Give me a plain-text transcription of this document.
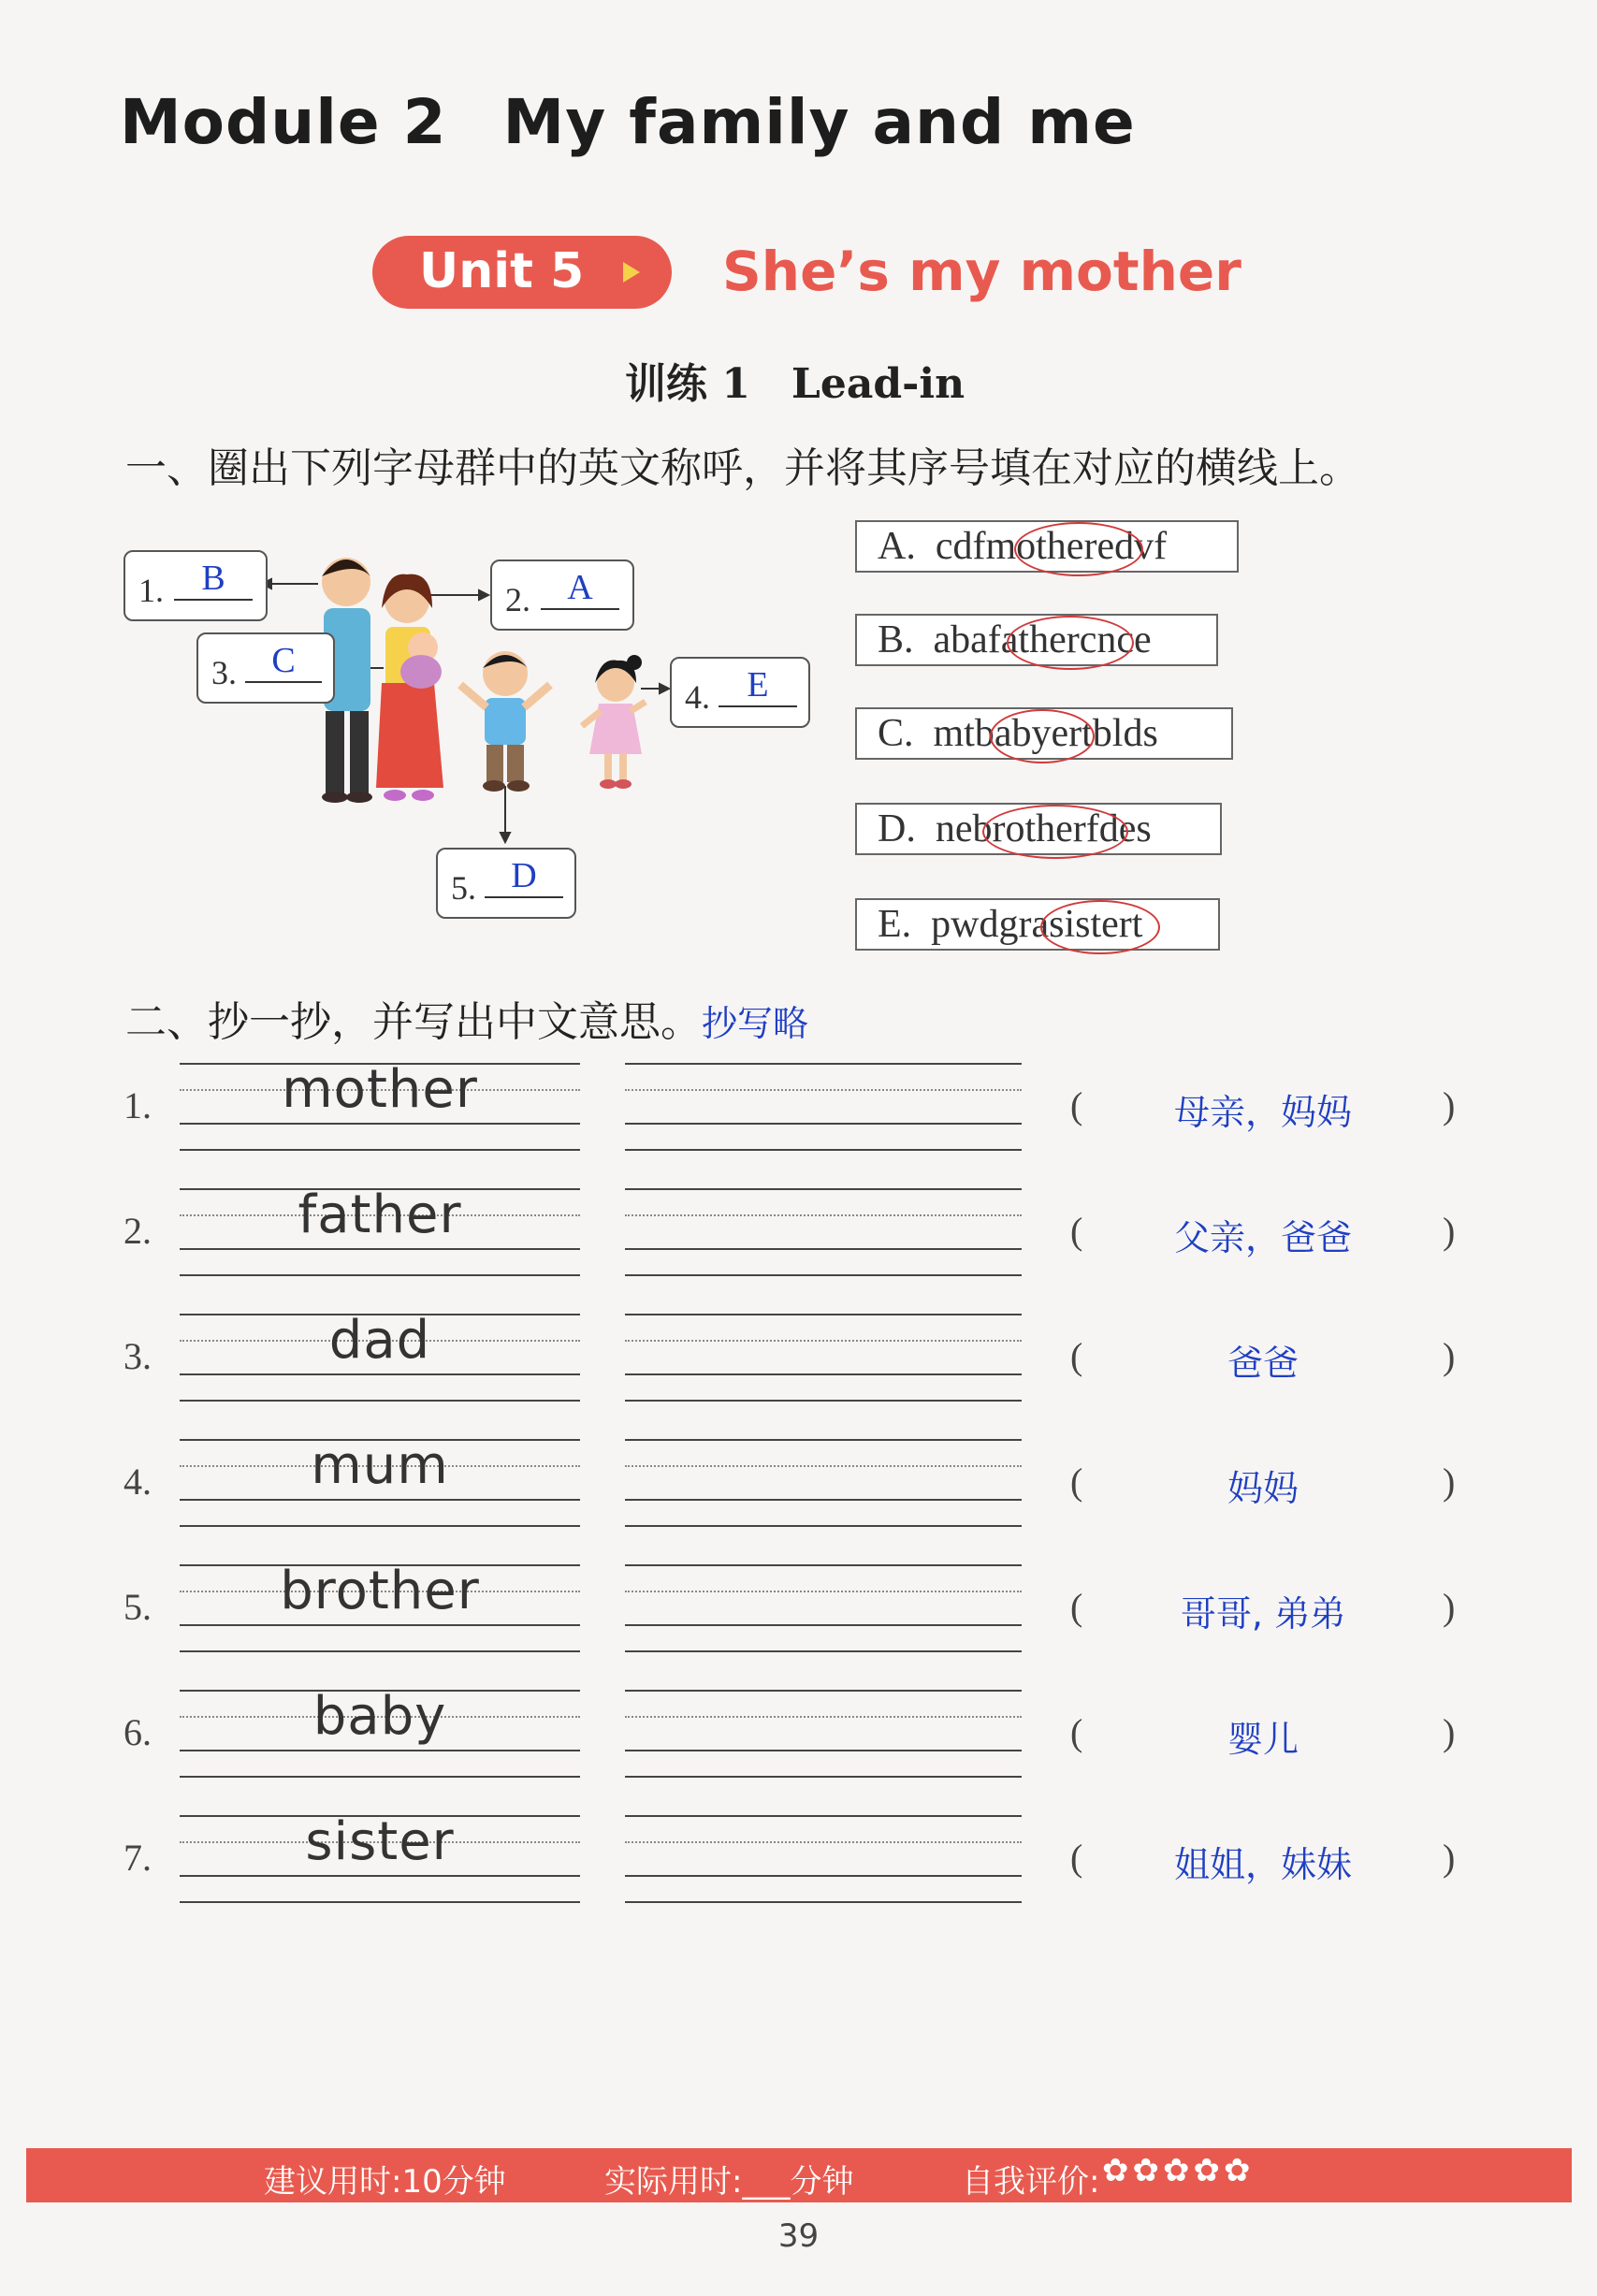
Module 2 My family and me
Unit 5	She’s my mother
训练 1　Lead-in
一、圈出下列字母群中的英文称呼，并将其序号填在对应的横线上。
1.	B
2.	A
3. C
4.	E
5. D
A. cdfmotheredvf
B. abafathercnce
C. mtbabyertblds
D. nebrotherfdes
E. pwdgrasistert
二、抄一抄，并写出中文意思。抄写略
1.	mother	(	母亲，妈妈	)
2.	father	(	父亲，爸爸	)
3.	dad	(	爸爸	)
4.	mum	(	妈妈	)
5.	brother	(	哥哥, 弟弟	)
6.	baby	(	婴儿	)
7.	sister	(	姐姐，妹妹	)
建议用时:10分钟	实际用时:___分钟	自我评价: ✿✿✿✿✿
39
